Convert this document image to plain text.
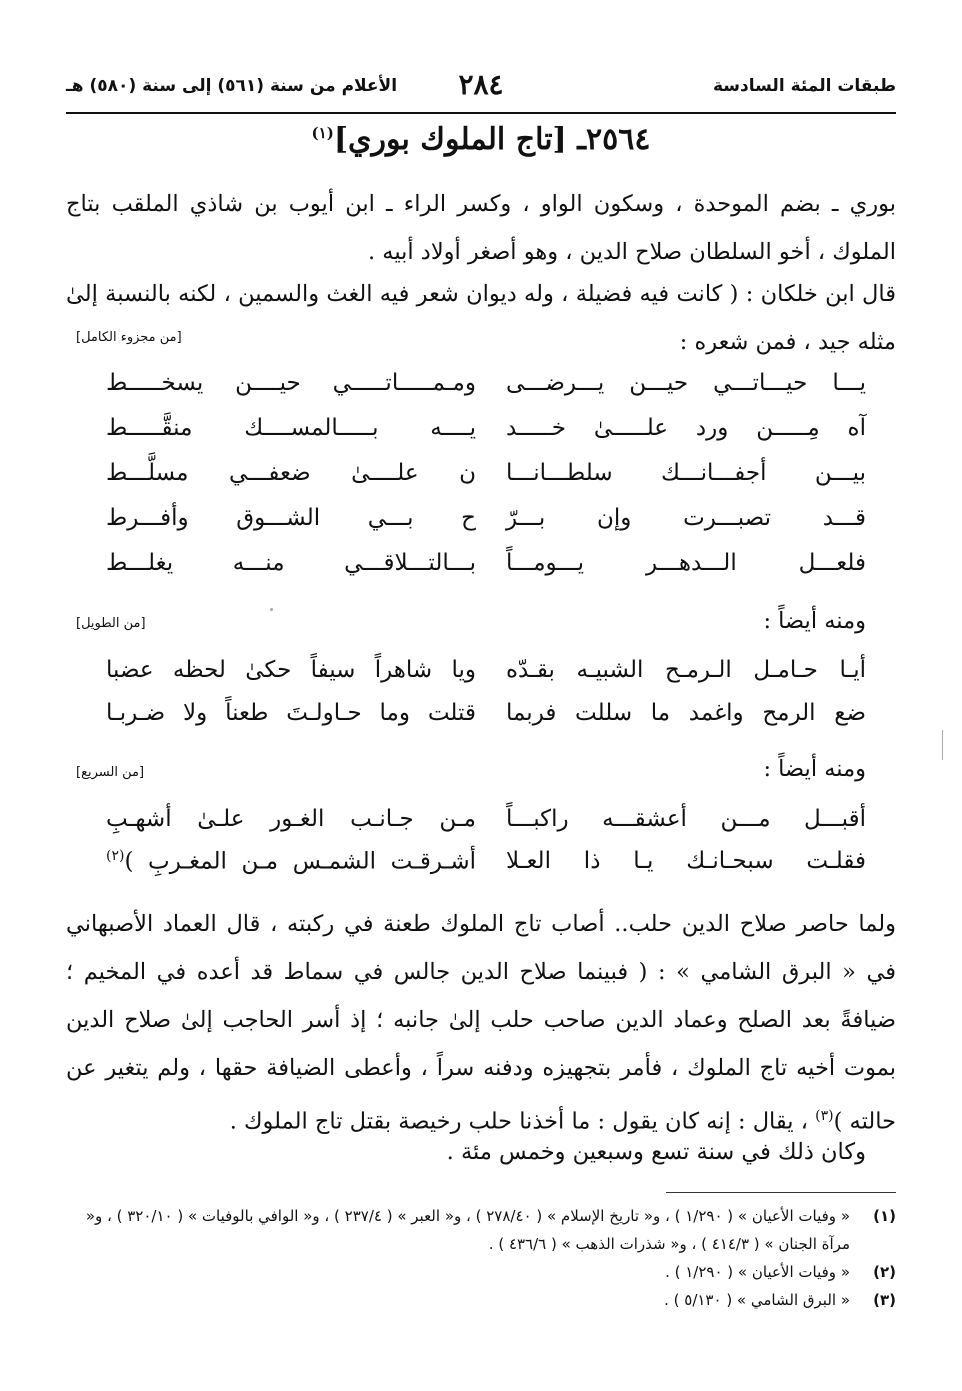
طبقات المئة السادسة
٢٨٤
الأعلام من سنة (٥٦١) إلى سنة (٥٨٠) هـ
٢٥٦٤ـ [تاج الملوك بوري]$^{(١)}$
بوري ـ بضم الموحدة ، وسكون الواو ، وكسر الراء ـ ابن أيوب بن شاذي الملقب بتاج الملوك ، أخو السلطان صلاح الدين ، وهو أصغر أولاد أبيه .
قال ابن خلكان : ( كانت فيه فضيلة ، وله ديوان شعر فيه الغث والسمين ، لكنه بالنسبة إلىٰ مثله جيد ، فمن شعره :
[من مجزوء الكامل]
يـــا حيـــاتـــي حيـــن يـــرضـــى
ومـمـــــاتـــــي حيــــن يسخـــــط
آه مِـــــن ورد علـــــىٰ خـــــد
يــــه بـــــالمســــك منقَّـــــط
بيـــن أجفـــانـــك سلطـــانـــا
ن علــــىٰ ضعفـــي مسلَّـــط
قـــد تصبـــرت وإن بـــرّ
ح بـــي الشـــوق وأفـــرط
فلعـــل الـــدهـــر يـــومـــاً
بـــالتـــلاقـــي منـــه يغلـــط
ومنه أيضاً :
[من الطويل]
أيـا حـامـل الـرمـح الشبيـه بقـدّه
ويا شاهراً سيفاً حكىٰ لحظه عضبا
ضع الرمح واغمد ما سللت فربما
قتلت وما حـاولـتَ طعناً ولا ضـربـا
ومنه أيضاً :
[من السريع]
أقبـــل مـــن أعشقـــه راكبـــاً
مـن جـانـب الغـور علـىٰ أشهـبِ
فقلـت سبحـانـك يـا ذا العـلا
أشـرقـت الشمـس مـن المغـربِ )$^{(٢)}$
ولما حاصر صلاح الدين حلب.. أصاب تاج الملوك طعنة في ركبته ، قال العماد الأصبهاني في « البرق الشامي » : ( فبينما صلاح الدين جالس في سماط قد أعده في المخيم ؛ ضيافةً بعد الصلح وعماد الدين صاحب حلب إلىٰ جانبه ؛ إذ أسر الحاجب إلىٰ صلاح الدين بموت أخيه تاج الملوك ، فأمر بتجهيزه ودفنه سراً ، وأعطى الضيافة حقها ، ولم يتغير عن حالته )$^{(٣)}$ ، يقال : إنه كان يقول : ما أخذنا حلب رخيصة بقتل تاج الملوك .
وكان ذلك في سنة تسع وسبعين وخمس مئة .
(١)
« وفيات الأعيان » ( ١/٢٩٠ ) ، و« تاريخ الإسلام » ( ٢٧٨/٤٠ ) ، و« العبر » ( ٢٣٧/٤ ) ، و« الوافي بالوفيات » ( ٣٢٠/١٠ ) ، و« مرآة الجنان » ( ٤١٤/٣ ) ، و« شذرات الذهب » ( ٤٣٦/٦ ) .
(٢)
« وفيات الأعيان » ( ١/٢٩٠ ) .
(٣)
« البرق الشامي » ( ٥/١٣٠ ) .
